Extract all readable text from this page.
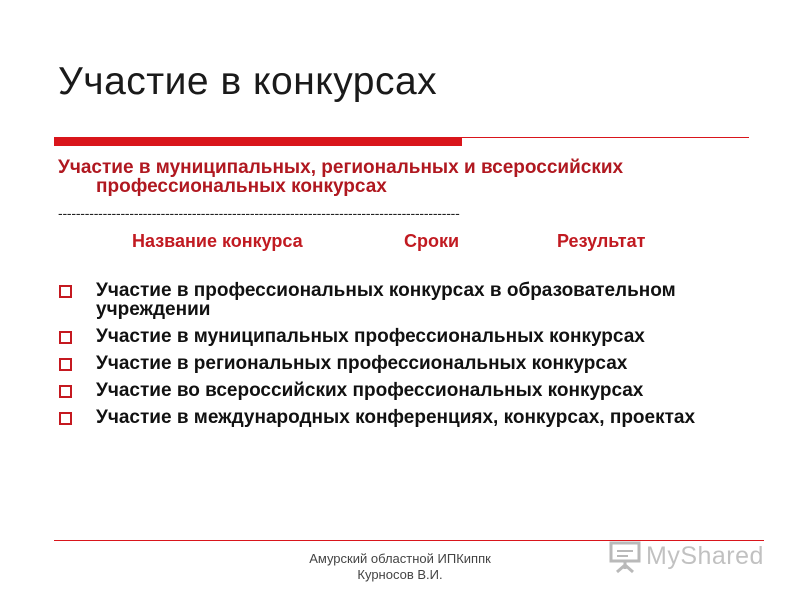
Участие в конкурсах
Участие в муниципальных, региональных и всероссийских
профессиональных конкурсах
------------------------------------------------------------------------------------------
Название конкурса	Сроки	Результат
Участие в профессиональных конкурсах в образовательном учреждении
Участие в муниципальных профессиональных конкурсах
Участие в региональных профессиональных конкурсах
Участие во всероссийских профессиональных конкурсах
Участие в международных конференциях, конкурсах, проектах
Амурский областной ИПКиппк
Курносов В.И.
MyShared
